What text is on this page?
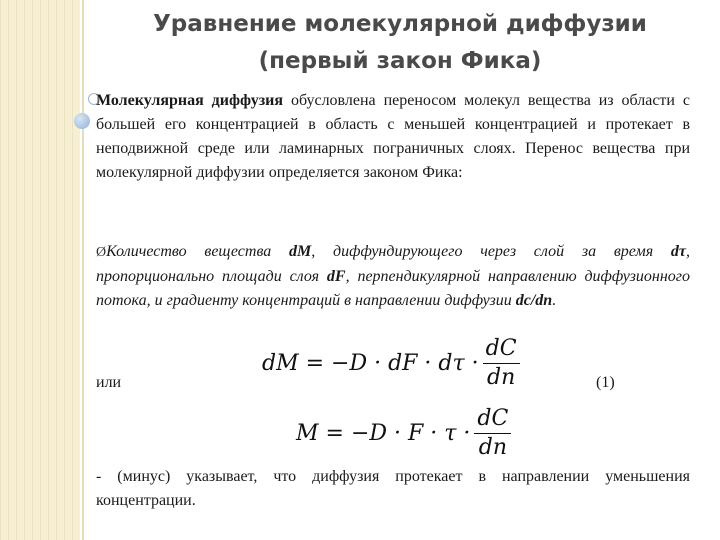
Уравнение молекулярной диффузии
(первый закон Фика)

Молекулярная диффузия обусловлена переносом молекул вещества из области с большей его концентрацией в область с меньшей концентрацией и протекает в неподвижной среде или ламинарных пограничных слоях. Перенос вещества при молекулярной диффузии определяется законом Фика:

ØКоличество вещества dM, диффундирующего через слой за время dτ, пропорционально площади слоя dF, перпендикулярной направлению диффузионного потока, и градиенту концентраций в направлении диффузии dc/dn.

dM = −D · dF · $d\tau \cdot \frac{dC}{dn}$
или	(1)
$M = -D \cdot F \cdot \tau \cdot \frac{dC}{dn}$

- (минус) указывает, что диффузия протекает в направлении уменьшения концентрации.
